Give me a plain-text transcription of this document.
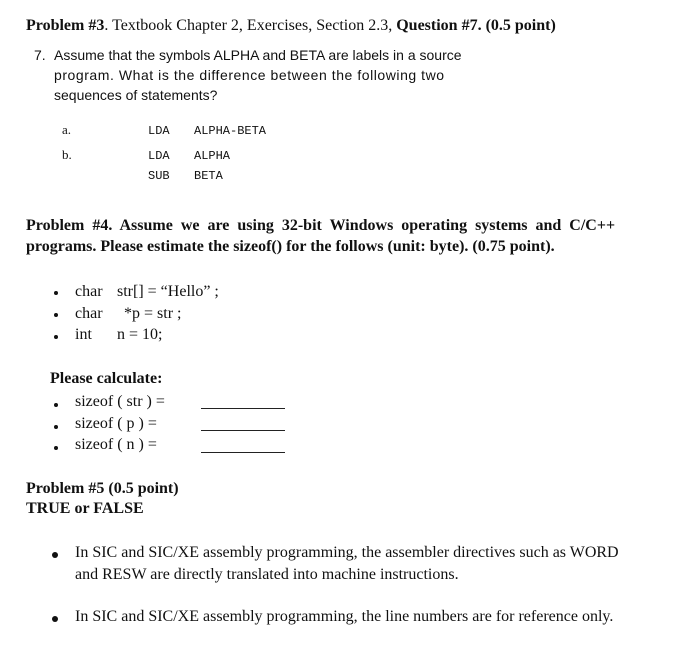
Problem #3. Textbook Chapter 2, Exercises, Section 2.3, Question #7. (0.5 point)
7. Assume that the symbols ALPHA and BETA are labels in a source
program. What is the difference between the following two
sequences of statements?
a.	LDA ALPHA-BETA
b.	LDA ALPHA
SUB BETA
Problem #4. Assume we are using 32-bit Windows operating systems and C/C++
programs. Please estimate the sizeof() for the follows (unit: byte). (0.75 point).
char str[] = “Hello” ;
char *p = str ;
int n = 10;
Please calculate:
sizeof ( str ) =
sizeof ( p ) =
sizeof ( n ) =
Problem #5 (0.5 point)
TRUE or FALSE
In SIC and SIC/XE assembly programming, the assembler directives such as WORD
and RESW are directly translated into machine instructions.
In SIC and SIC/XE assembly programming, the line numbers are for reference only.
